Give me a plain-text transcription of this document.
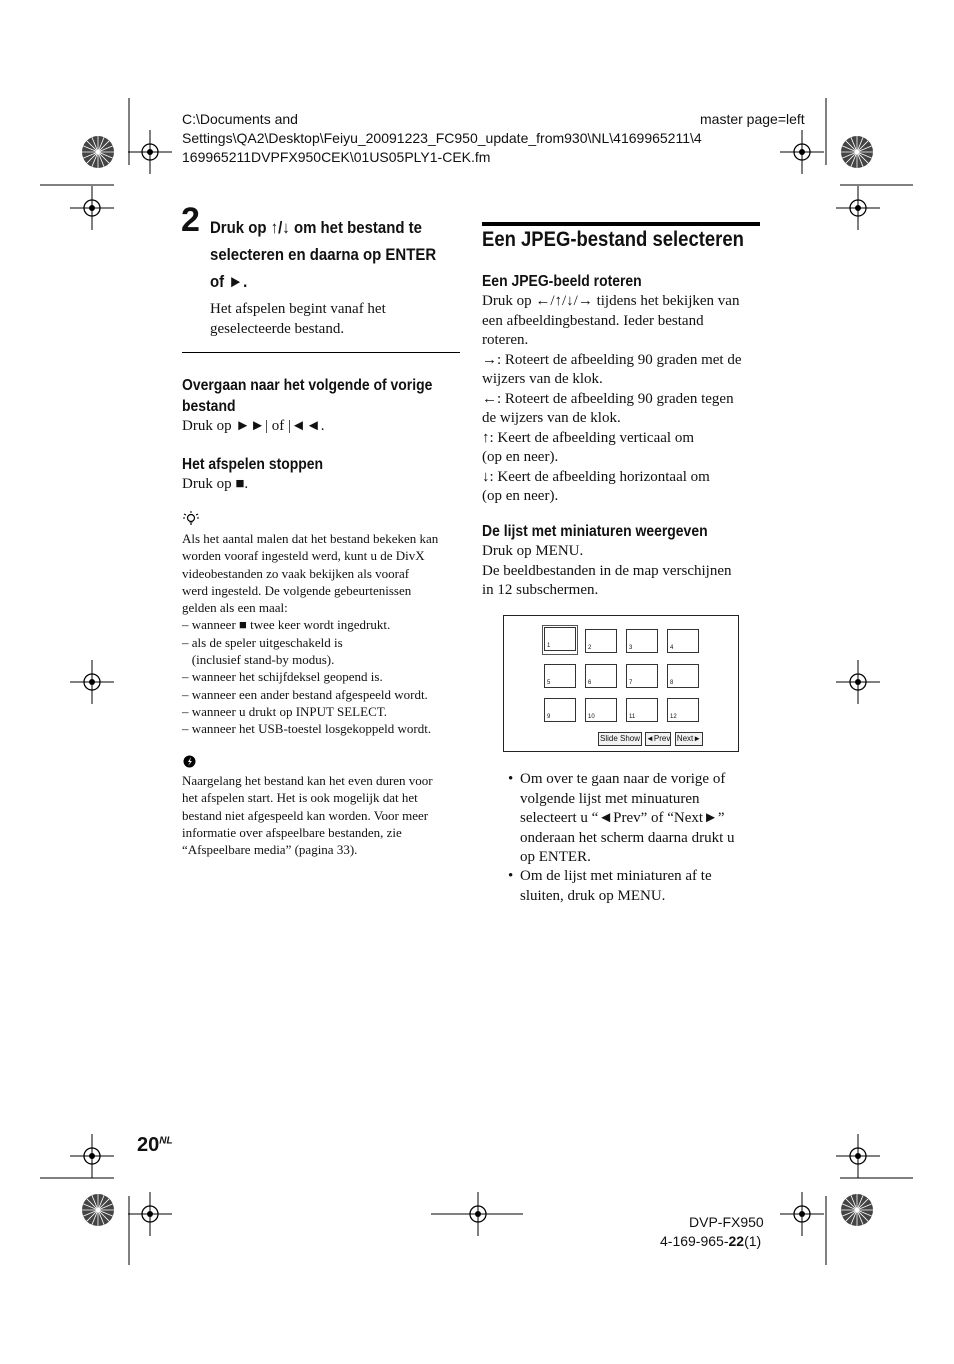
C:\Documents and
Settings\QA2\Desktop\Feiyu_20091223_FC950_update_from930\NL\4169965211\4
169965211DVPFX950CEK\01US05PLY1-CEK.fm
master page=left
2 Druk op ↑/↓ om het bestand te
selecteren en daarna op ENTER
of ►.
Het afspelen begint vanaf het
geselecteerde bestand.
Overgaan naar het volgende of vorige
bestand
Druk op ►►| of |◄◄.
Het afspelen stoppen
Druk op ■.
Als het aantal malen dat het bestand bekeken kan
worden vooraf ingesteld werd, kunt u de DivX
videobestanden zo vaak bekijken als vooraf
werd ingesteld. De volgende gebeurtenissen
gelden als een maal:
– wanneer ■ twee keer wordt ingedrukt.
– als de speler uitgeschakeld is
(inclusief stand-by modus).
– wanneer het schijfdeksel geopend is.
– wanneer een ander bestand afgespeeld wordt.
– wanneer u drukt op INPUT SELECT.
– wanneer het USB-toestel losgekoppeld wordt.
Naargelang het bestand kan het even duren voor
het afspelen start. Het is ook mogelijk dat het
bestand niet afgespeeld kan worden. Voor meer
informatie over afspeelbare bestanden, zie
“Afspeelbare media” (pagina 33).
Een JPEG-bestand selecteren
Een JPEG-beeld roteren
Druk op ←/↑/↓/→ tijdens het bekijken van
een afbeeldingbestand. Ieder bestand
roteren.
→: Roteert de afbeelding 90 graden met de
wijzers van de klok.
←: Roteert de afbeelding 90 graden tegen
de wijzers van de klok.
↑: Keert de afbeelding verticaal om
(op en neer).
↓: Keert de afbeelding horizontaal om
(op en neer).
De lijst met miniaturen weergeven
Druk op MENU.
De beeldbestanden in de map verschijnen
in 12 subschermen.
1	2	3	4
5	6	7	8
9	10	11	12
Slide Show ◄Prev Next►
• Om over te gaan naar de vorige of
volgende lijst met minuaturen
selecteert u “◄Prev” of “Next►”
onderaan het scherm daarna drukt u
op ENTER.
• Om de lijst met miniaturen af te
sluiten, druk op MENU.
$20^{NL}$
DVP-FX950
4-169-965-22(1)
